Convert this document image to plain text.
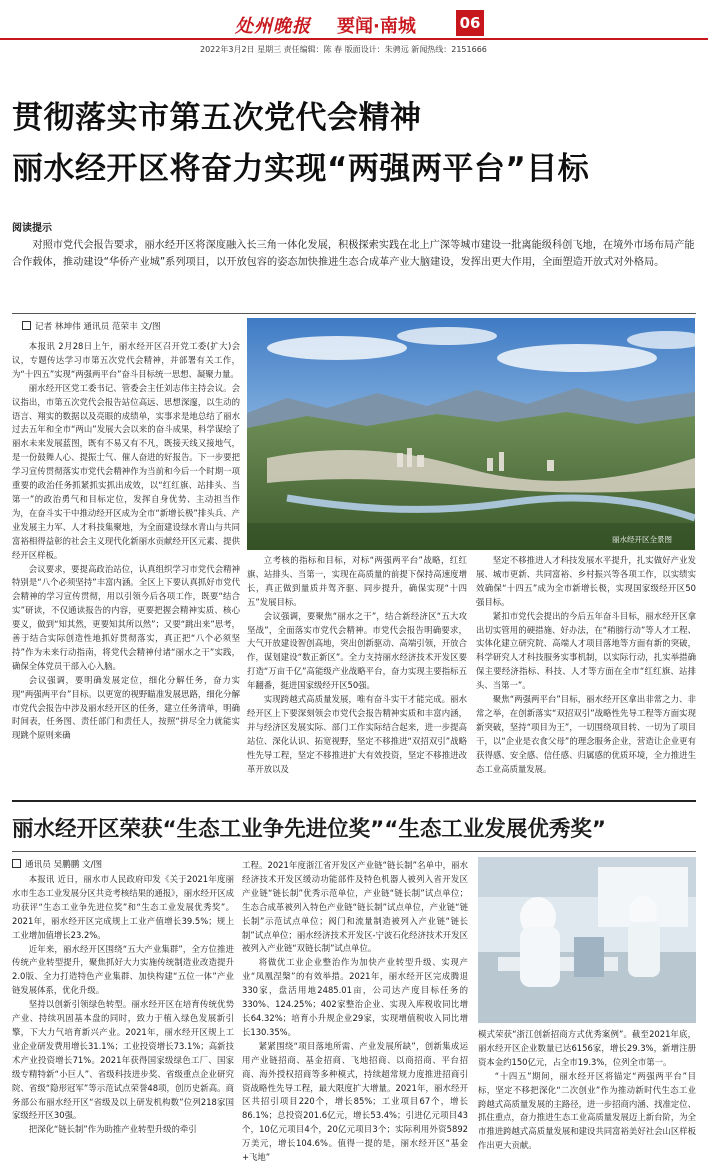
处州晚报 要闻·南城	06
2022年3月2日 星期三 责任编辑：陈 春 版面设计：朱骋远 新闻热线：2151666
贯彻落实市第五次党代会精神
丽水经开区将奋力实现“两强两平台”目标
阅读提示
对照市党代会报告要求，丽水经开区将深度融入长三角一体化发展，积极探索实践在北上广深等城市建设一批离能级科创飞地，在境外市场布局产能合作载体，推动建设“华侨产业城”系列项目，以开放包容的姿态加快推进生态合成革产业大脑建设，发挥出更大作用，全面塑造开放式对外格局。
记者 林坤伟 通讯员 范荣丰 文/图

本报讯 2月28日上午，丽水经开区召开党工委(扩大)会议，专题传达学习市第五次党代会精神，并部署有关工作，为“十四五”实现“两强两平台”奋斗目标统一思想、凝聚力量。

丽水经开区党工委书记、管委会主任刘志伟主持会议。会议指出，市第五次党代会报告站位高远、思想深邃，以生动的语言、翔实的数据以及亮眼的成绩单，实事求是地总结了丽水过去五年和全市“两山”发展大会以来的奋斗成果，科学谋绘了丽水未来发展蓝图，既有不易又有不凡，既接天线又接地气，是一份鼓舞人心、提振士气、催人奋进的好报告。下一步要把学习宣传贯彻落实市党代会精神作为当前和今后一个时期一项重要的政治任务抓紧抓实抓出成效，以“红红旗、站排头、当第一”的政治勇气和目标定位，发挥自身优势、主动担当作为，在奋斗实干中推动经开区成为全市“新增长极”排头兵、产业发展主力军、人才科技集聚地，为全面建设绿水青山与共同富裕相得益彰的社会主义现代化新丽水贡献经开区元素、提供经开区样板。

会议要求，要提高政治站位，认真组织学习市党代会精神特别是“八个必须坚持”丰富内涵。全区上下要认真抓好市党代会精神的学习宣传贯彻，用以引领今后各项工作，既要“结合实”研读，不仅通读报告的内容，更要把握会精神实质、核心要义，做到“知其然，更要知其所以然”；又要“跳出来”思考，善于结合实际创造性地抓好贯彻落实，真正把“八个必须坚持”作为未来行动指南，将党代会精神付诸“丽水之干”实践，确保全体党员干部入心入脑。

会议强调，要明确发展定位，细化分解任务，奋力实现“两强两平台”目标。以更宽的视野瞄准发展思路，细化分解市党代会报告中涉及丽水经开区的任务，建立任务清单，明确时间表，任务图、责任部门和责任人，按照“拼尽全力就能实现跳个原则来确

丽水经开区全景图

立考核的指标和目标，对标“两强两平台”战略，红红旗、站排头、当第一，实现在高质量的前提下保持高速度增长，真正做到量质并驾齐驱、同步提升，确保实现“十四五”发展目标。

会议强调，要聚焦“丽水之干”，结合新经济区“五大攻坚战”，全面落实市党代会精神。市党代会报告明确要求，大气开放建设智创高地，突出创新驱动、高端引领，开放合作，谋划建设“数正新区”。全力支持丽水经济技术开发区要打造“万亩千亿”高能级产业战略平台，奋力实现主要指标五年翻番，挺进国家级经开区50强。

实现跨越式高质量发展，唯有奋斗实干才能完成。丽水经开区上下要深刻领会市党代会报告精神实质和丰富内涵，并与经济区发展实际、部门工作实际结合起来，进一步提高站位、深化认识、拓宽视野，坚定不移推进“双招双引”战略性先导工程，坚定不移推进扩大有效投资，坚定不移推进改革开放以及

坚定不移推进人才科技发展水平提升，扎实做好产业发展、城市更新、共同富裕、乡村振兴等各项工作，以实绩实效确保“十四五”成为全市新增长极，实现国家级经开区50强目标。

紧扣市党代会提出的今后五年奋斗目标，丽水经开区拿出切实管用的硬措施、好办法，在“稍膀行动”等人才工程、实体化建立研究院、高端人才项目落地等方面有新的突破，科学研究人才科技服务实事机制，以实际行动，扎实举措确保主要经济指标、科技、人才等方面在全市“红红旗、站排头、当第一”。

聚焦“两强两平台”目标，丽水经开区拿出非常之力、非常之举，在创新落实“双招双引”战略性先导工程等方面实现新突破，坚持“项目为王”，一切围绕项目转、一切为了项目干，以“企业是衣食父母”的理念服务企业，营造让企业更有获得感、安全感、信任感、归属感的优质环境，全力推进生态工业高质量发展。

丽水经开区荣获“生态工业争先进位奖”“生态工业发展优秀奖”
通讯员 吴鹏鹏 文/图

本报讯 近日，丽水市人民政府印发《关于2021年度丽水市生态工业发展分区共竞考核结果的通报》，丽水经开区成功获评“生态工业争先进位奖”和“生态工业发展优秀奖”。2021年，丽水经开区完成规上工业产值增长39.5%；规上工业增加值增长23.2%。

近年来，丽水经开区围绕“五大产业集群”，全方位推进传统产业转型提升，聚焦抓好大力实施传统制造业改造提升2.0版、全力打造特色产业集群、加快构建“五位一体”产业链发展体系，优化升级。

坚持以创新引领绿色转型。丽水经开区在培育传统优势产业、持续巩固基本盘的同时，致力于植入绿色发展新引擎，下大力气培育新兴产业。2021年，丽水经开区规上工业企业研发费用增长31.1%；工业投资增长73.1%；高新技术产业投资增长71%。2021年获得国家级绿色工厂、国家级专精特新“小巨人”、省级科技进步奖、省级重点企业研究院、省级“隐形冠军”等示范试点荣誉48项，创历史新高。商务部公布丽水经开区“省级及以上研发机构数”位列218家国家级经开区30强。

把深化“链长制”作为助推产业转型升级的牵引

工程。2021年度浙江省开发区产业链“链长制”名单中，丽水经济技术开发区缓动功能部件及特色机器人被列入省开发区产业链“链长制”优秀示范单位，产业链“链长制”试点单位；生态合成革被列入特色产业链“链长制”试点单位，产业链“链长制”示范试点单位；阀门和流量制造被列入产业链“链长制”试点单位；丽水经济技术开发区-宁波石化经济技术开发区被列入产业链“双链长制”试点单位。

将做优工业企业整治作为加快产业转型升级、实现产业“凤凰涅槃”的有效举措。2021年，丽水经开区完成腾退330家，盘活用地2485.01亩，公司达产度目标任务的330%、124.25%；402家整治企业、实现入库税收同比增长64.32%；培育小升规企业29家，实现增值税收入同比增长130.35%。

紧紧围绕“项目落地所需、产业发展所缺”，创新集成运用产业链招商、基金招商、飞地招商、以商招商、平台招商、海外授权招商等多种模式，持续超常规力度推进招商引资战略性先导工程，最大限度扩大增量。2021年，丽水经开区共招引项目220个，增长85%；工业项目67个，增长86.1%；总投资201.6亿元，增长53.4%；引进亿元项目43个，10亿元项目4个，20亿元项目3个；实际利用外资5892万美元，增长104.6%。值得一提的是，丽水经开区“基金+飞地”

模式荣获“浙江创新招商方式优秀案例”。截至2021年底，丽水经开区企业数量已达6156家，增长29.3%，新增注册资本金约150亿元，占全市19.3%，位列全市第一。

“十四五”期间，丽水经开区将锚定“两强两平台”目标，坚定不移把深化“二次创业”作为推动新时代生态工业跨越式高质量发展的主路径，进一步招商内涵、找准定位、抓住重点，奋力推进生态工业高质量发展迈上新台阶，为全市推进跨越式高质量发展和建设共同富裕美好社会山区样板作出更大贡献。
